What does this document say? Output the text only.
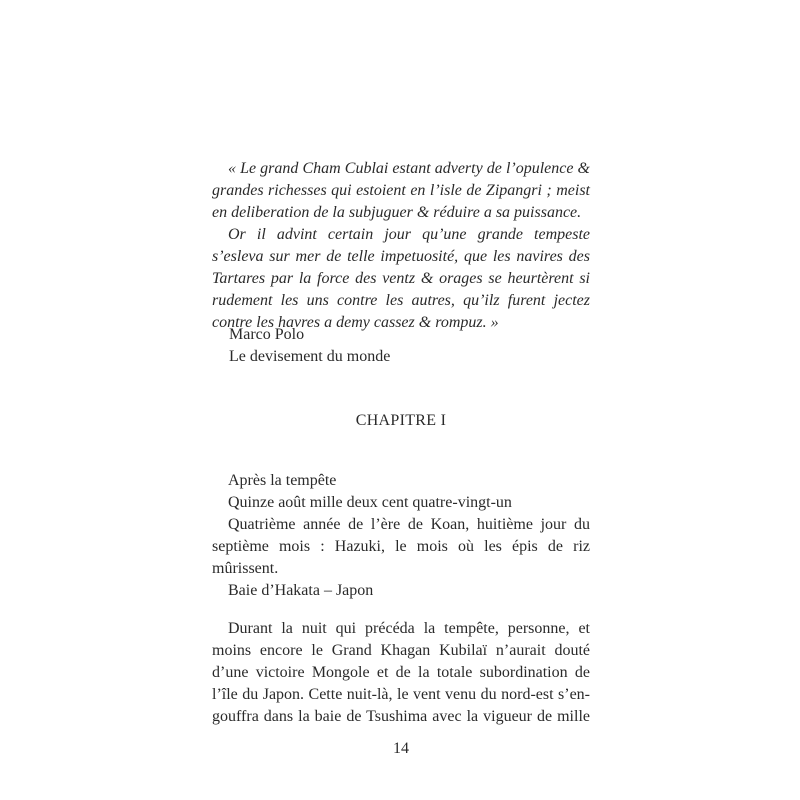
« Le grand Cham Cublai estant adverty de l’opulence & grandes richesses qui estoient en l’isle de Zipangri ; meist en deliberation de la subjuguer & réduire a sa puissance.

Or il advint certain jour qu’une grande tempeste s’esleva sur mer de telle impetuosité, que les navires des Tartares par la force des ventz & orages se heurtèrent si rudement les uns contre les autres, qu’ilz furent jectez contre les havres a demy cassez & rompuz. »

Marco Polo
Le devisement du monde
CHAPITRE I

Après la tempête

Quinze août mille deux cent quatre-vingt-un

Quatrième année de l’ère de Koan, huitième jour du septième mois : Hazuki, le mois où les épis de riz mûrissent.

Baie d’Hakata – Japon

Durant la nuit qui précéda la tempête, personne, et moins encore le Grand Khagan Kubilaï n’aurait douté d’une victoire Mongole et de la totale subordination de l’île du Japon. Cette nuit-là, le vent venu du nord-est s’engouffra dans la baie de Tsushima avec la vigueur de mille

14
